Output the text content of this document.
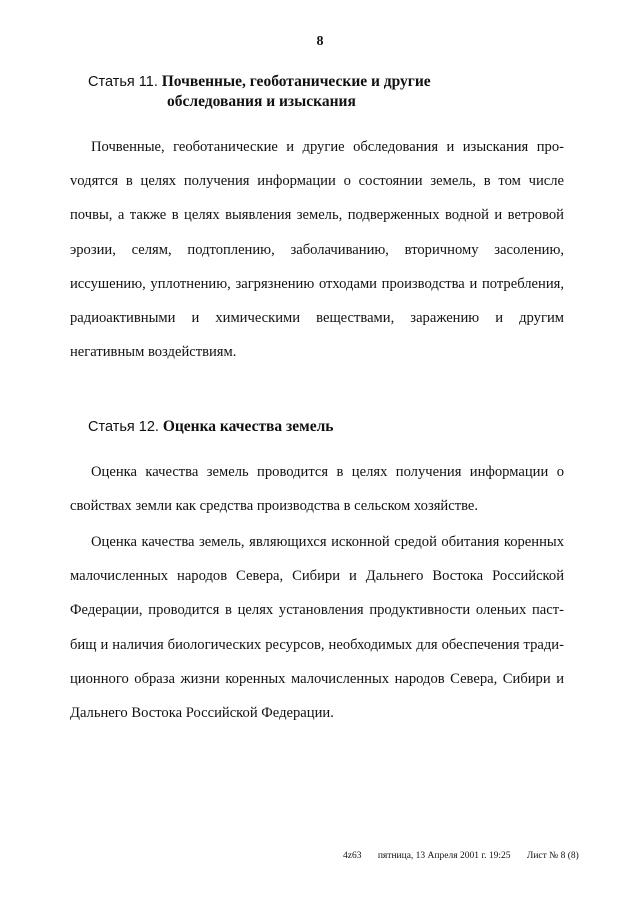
8
Статья 11. Почвенные, геоботанические и другие
обследования и изыскания

Почвенные, геоботанические и другие обследования и изыскания проvодятся в целях получения информации о состоянии земель, в том числе почвы, а также в целях выявления земель, подверженных водной и ветровой эрозии, селям, подтоплению, заболачиванию, вторичному засолению, иссушению, уплотнению, загрязнению отходами производства и потребления, радиоактивными и химическими веществами, заражению и другим негативным воздействиям.

Статья 12. Оценка качества земель

Оценка качества земель проводится в целях получения информации о свойствах земли как средства производства в сельском хозяйстве.

Оценка качества земель, являющихся исконной средой обитания коренных малочисленных народов Севера, Сибири и Дальнего Востока Российской Федерации, проводится в целях установления продуктивности оленьих пастбищ и наличия биологических ресурсов, необходимых для обеспечения традиционного образа жизни коренных малочисленных народов Севера, Сибири и Дальнего Востока Российской Федерации.

4z63 пятница, 13 Апреля 2001 г. 19:25 Лист № 8 (8)
